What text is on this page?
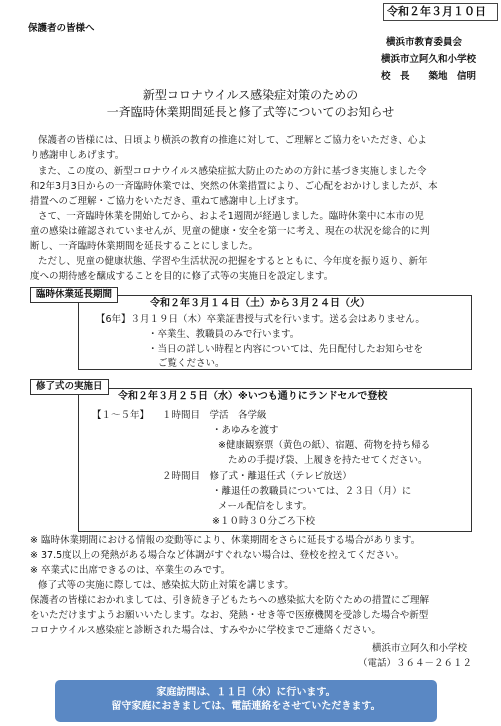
令和２年３月１０日
保護者の皆様へ
横浜市教育委員会
横浜市立阿久和小学校
校　長　　築地　信明
新型コロナウイルス感染症対策のための
一斉臨時休業期間延長と修了式等についてのお知らせ
保護者の皆様には、日頃より横浜の教育の推進に対して、ご理解とご協力をいただき、心よ
り感謝申しあげます。
また、この度の、新型コロナウイルス感染症拡大防止のための方針に基づき実施しました令
和2年3月3日からの一斉臨時休業では、突然の休業措置により、ご心配をおかけしましたが、本
措置へのご理解・ご協力をいただき、重ねて感謝申し上げます。
さて、一斉臨時休業を開始してから、およそ1週間が経過しました。臨時休業中に本市の児
童の感染は確認されていませんが、児童の健康・安全を第一に考え、現在の状況を総合的に判
断し、一斉臨時休業期間を延長することにしました。
ただし、児童の健康状態、学習や生活状況の把握をするとともに、今年度を振り返り、新年
度への期待感を醸成することを目的に修了式等の実施日を設定します。
臨時休業延長期間
令和２年３月１４日（土）から３月２４日（火）
【6年】３月１９日（木）卒業証書授与式を行います。送る会はありません。
・卒業生、教職員のみで行います。
・当日の詳しい時程と内容については、先日配付したお知らせを
ご覧ください。
修了式の実施日
令和２年３月２５日（水）※いつも通りにランドセルで登校
【１～５年】 １時間目　学活　各学級
・あゆみを渡す
※健康観察票（黄色の紙）、宿題、荷物を持ち帰る
ための手提げ袋、上履きを持たせてください。
２時間目　修了式・離退任式（テレビ放送）
・離退任の教職員については、２３日（月）に
メール配信をします。
※１０時３０分ごろ下校
※ 臨時休業期間における情報の変動等により、休業期間をさらに延長する場合があります。
※ 37.5度以上の発熱がある場合など体調がすぐれない場合は、登校を控えてください。
※ 卒業式に出席できるのは、卒業生のみです。
修了式等の実施に際しては、感染拡大防止対策を講じます。
保護者の皆様におかれましては、引き続き子どもたちへの感染拡大を防ぐための措置にご理解
をいただけますようお願いいたします。なお、発熱・せき等で医療機関を受診した場合や新型
コロナウイルス感染症と診断された場合は、すみやかに学校までご連絡ください。
横浜市立阿久和小学校
（電話）３６４－２６１２
家庭訪問は、１１日（水）に行います。
留守家庭におきましては、電話連絡をさせていただきます。
